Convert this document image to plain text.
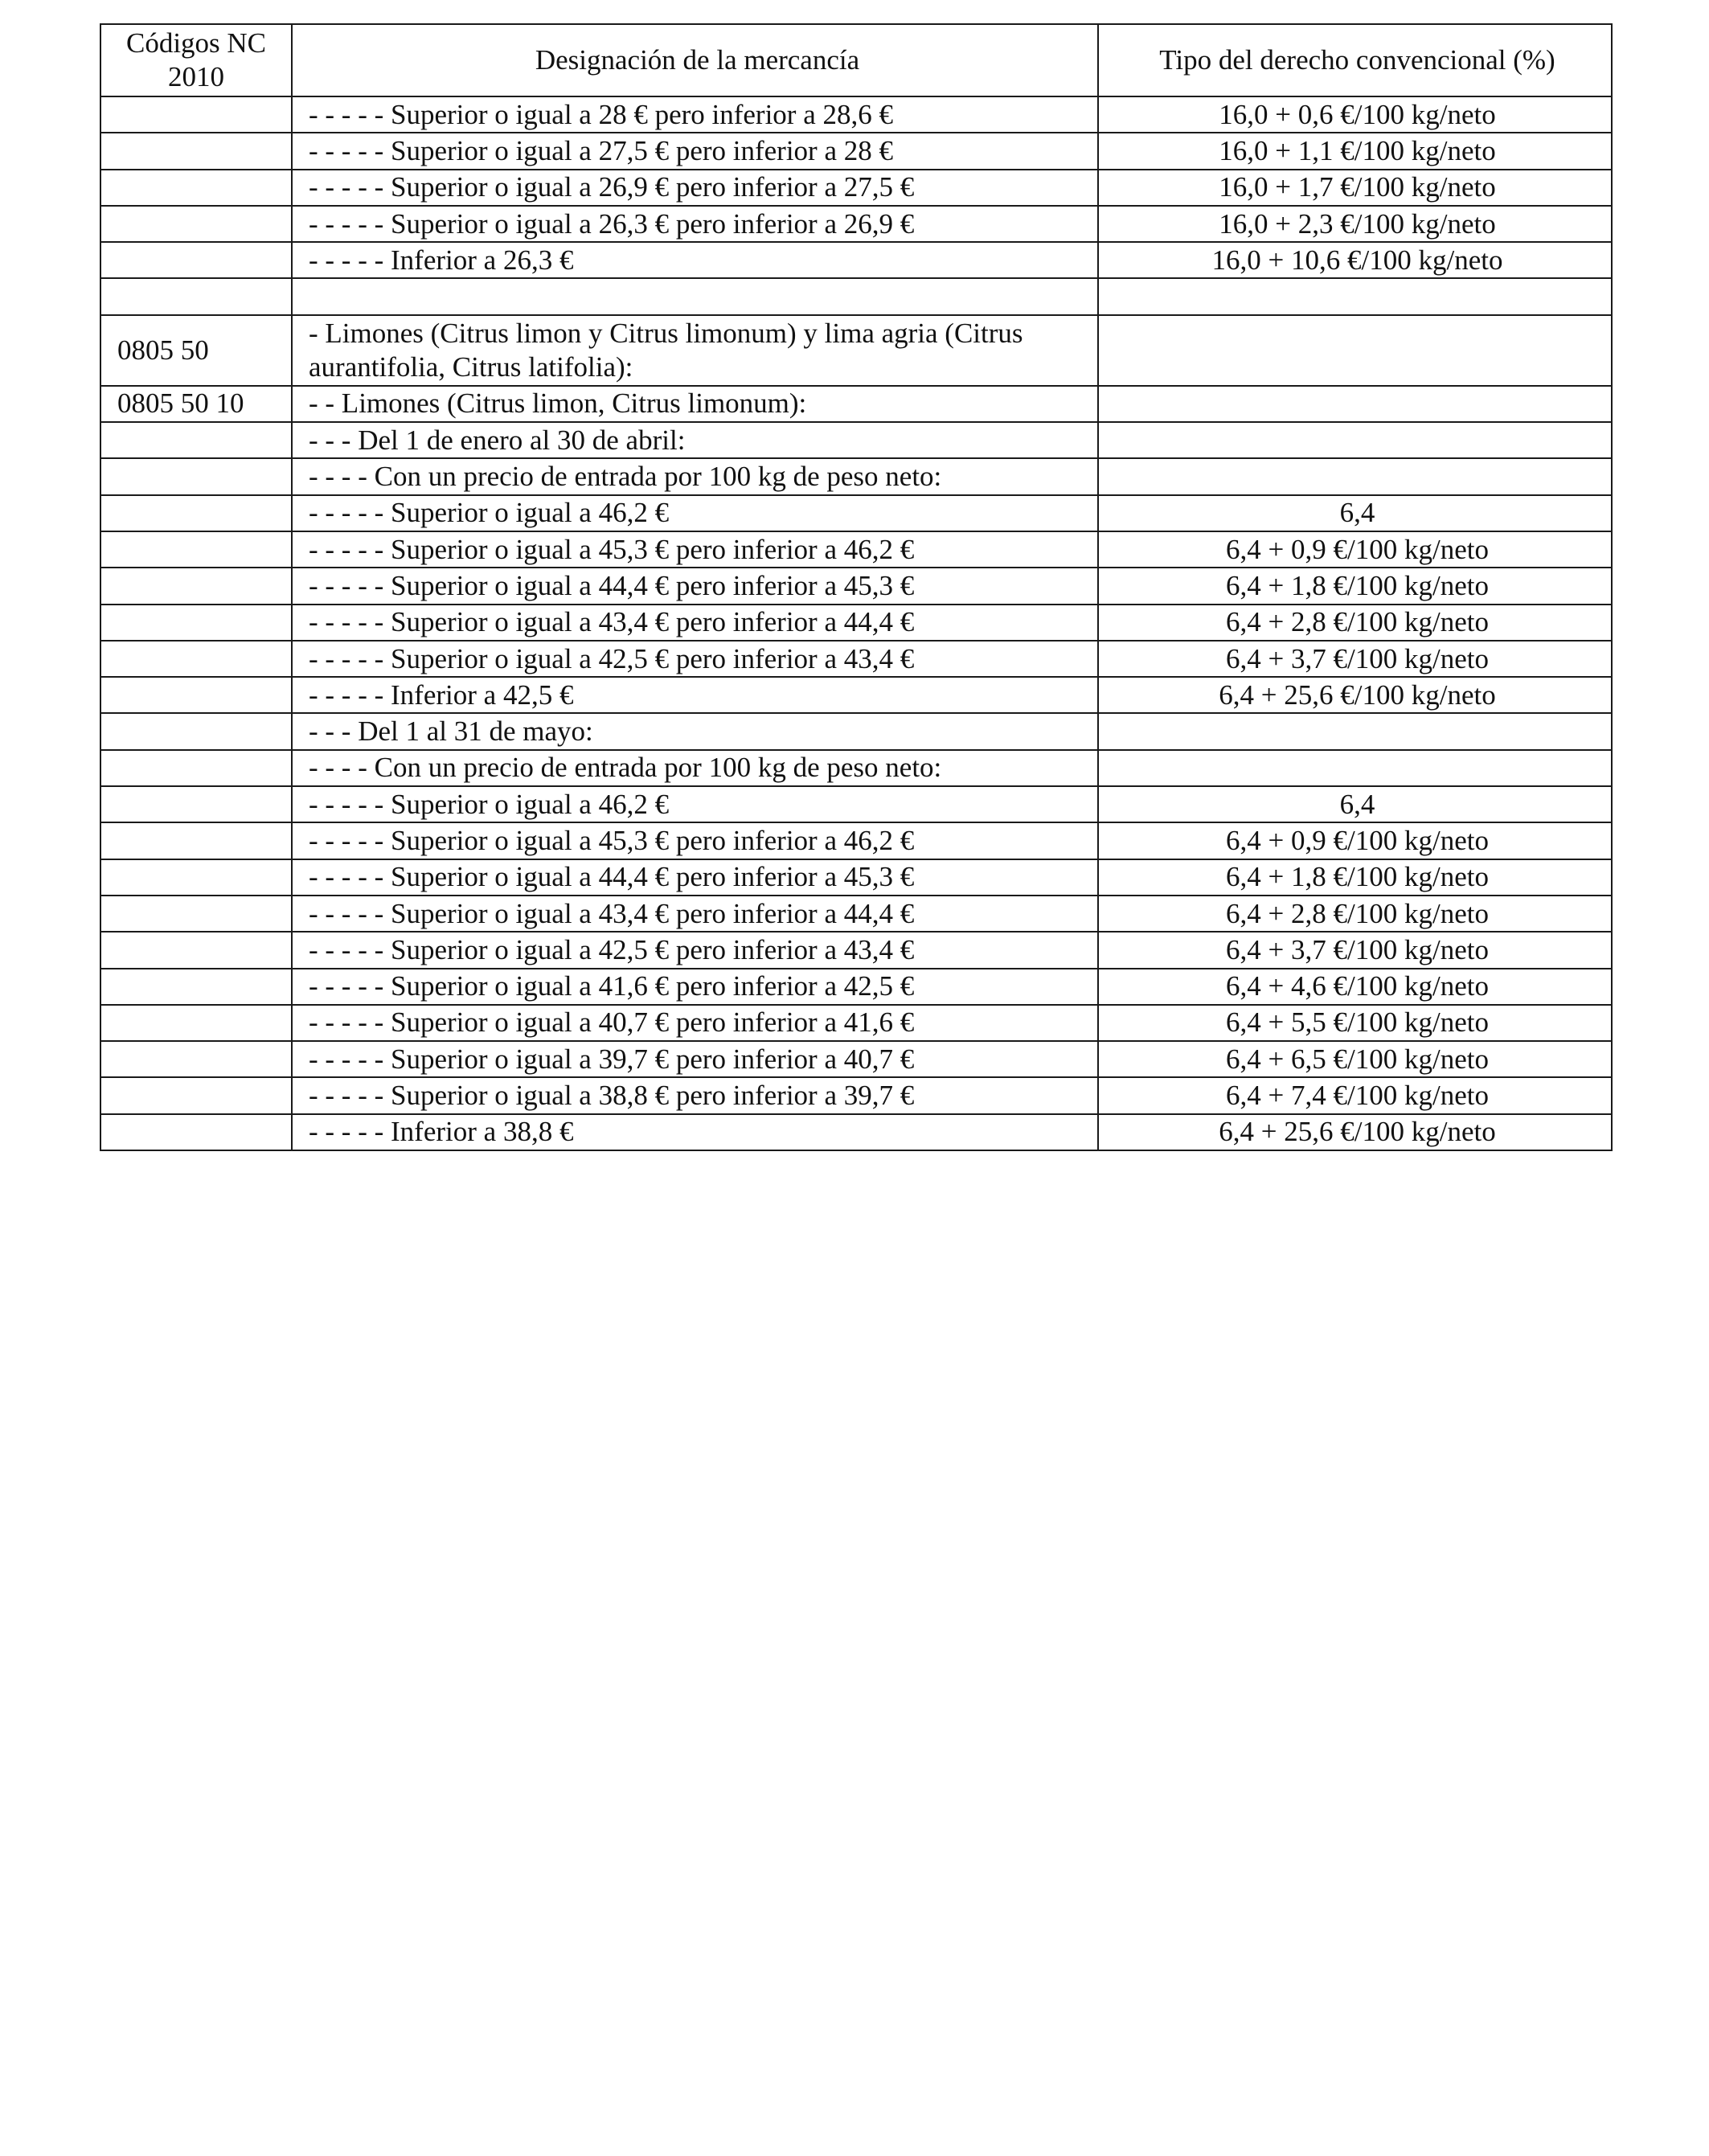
Códigos NC 2010	Designación de la mercancía	Tipo del derecho convencional (%)
	- - - - - Superior o igual a 28 € pero inferior a 28,6 €	16,0 + 0,6 €/100 kg/neto
	- - - - - Superior o igual a 27,5 € pero inferior a 28 €	16,0 + 1,1 €/100 kg/neto
	- - - - - Superior o igual a 26,9 € pero inferior a 27,5 €	16,0 + 1,7 €/100 kg/neto
	- - - - - Superior o igual a 26,3 € pero inferior a 26,9 €	16,0 + 2,3 €/100 kg/neto
	- - - - - Inferior a 26,3 €	16,0 + 10,6 €/100 kg/neto

0805 50	- Limones (Citrus limon y Citrus limonum) y lima agria (Citrus aurantifolia, Citrus latifolia):	
0805 50 10	- - Limones (Citrus limon, Citrus limonum):	
	- - - Del 1 de enero al 30 de abril:	
	- - - - Con un precio de entrada por 100 kg de peso neto:	
	- - - - - Superior o igual a 46,2 €	6,4
	- - - - - Superior o igual a 45,3 € pero inferior a 46,2 €	6,4 + 0,9 €/100 kg/neto
	- - - - - Superior o igual a 44,4 € pero inferior a 45,3 €	6,4 + 1,8 €/100 kg/neto
	- - - - - Superior o igual a 43,4 € pero inferior a 44,4 €	6,4 + 2,8 €/100 kg/neto
	- - - - - Superior o igual a 42,5 € pero inferior a 43,4 €	6,4 + 3,7 €/100 kg/neto
	- - - - - Inferior a 42,5 €	6,4 + 25,6 €/100 kg/neto
	- - - Del 1 al 31 de mayo:	
	- - - - Con un precio de entrada por 100 kg de peso neto:	
	- - - - - Superior o igual a 46,2 €	6,4
	- - - - - Superior o igual a 45,3 € pero inferior a 46,2 €	6,4 + 0,9 €/100 kg/neto
	- - - - - Superior o igual a 44,4 € pero inferior a 45,3 €	6,4 + 1,8 €/100 kg/neto
	- - - - - Superior o igual a 43,4 € pero inferior a 44,4 €	6,4 + 2,8 €/100 kg/neto
	- - - - - Superior o igual a 42,5 € pero inferior a 43,4 €	6,4 + 3,7 €/100 kg/neto
	- - - - - Superior o igual a 41,6 € pero inferior a 42,5 €	6,4 + 4,6 €/100 kg/neto
	- - - - - Superior o igual a 40,7 € pero inferior a 41,6 €	6,4 + 5,5 €/100 kg/neto
	- - - - - Superior o igual a 39,7 € pero inferior a 40,7 €	6,4 + 6,5 €/100 kg/neto
	- - - - - Superior o igual a 38,8 € pero inferior a 39,7 €	6,4 + 7,4 €/100 kg/neto
	- - - - - Inferior a 38,8 €	6,4 + 25,6 €/100 kg/neto
